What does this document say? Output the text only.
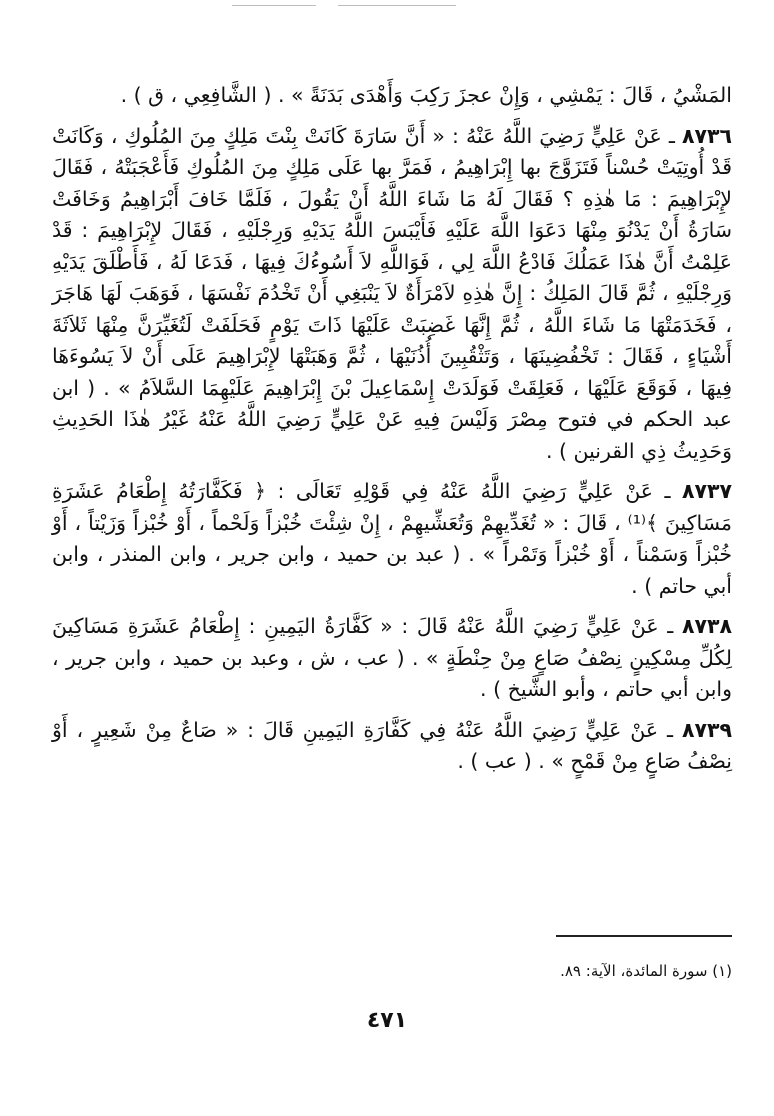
المَشْيُ ، قَالَ : يَمْشِي ، وَإِنْ عجزَ رَكِبَ وَأَهْدَى بَدَنَةً » . ( الشَّافِعِي ، ق ) .

٨٧٣٦ ـ عَنْ عَلِيٍّ رَضِيَ اللَّهُ عَنْهُ : « أَنَّ سَارَةَ كَانَتْ بِنْتَ مَلِكٍ مِنَ المُلُوكِ ، وَكَانَتْ قَدْ أُوتِيَتْ حُسْناً فَتَزَوَّجَ بها إِبْرَاهِيمُ ، فَمَرَّ بها عَلَى مَلِكٍ مِنَ المُلُوكِ فَأَعْجَبَتْهُ ، فَقَالَ لإِبْرَاهِيمَ : مَا هٰذِهِ ؟ فَقَالَ لَهُ مَا شَاءَ اللَّهُ أَنْ يَقُولَ ، فَلَمَّا خَافَ أَبْرَاهِيمُ وَخَافَتْ سَارَةُ أَنْ يَدْنُوَ مِنْهَا دَعَوَا اللَّهَ عَلَيْهِ فَأَيْبَسَ اللَّهُ يَدَيْهِ وَرِجْلَيْهِ ، فَقَالَ لإِبْرَاهِيمَ : قَدْ عَلِمْتُ أَنَّ هٰذَا عَمَلُكَ فَادْعُ اللَّهَ لِي ، فَوَاللَّهِ لاَ أَسُوءُكَ فِيهَا ، فَدَعَا لَهُ ، فَأَطْلَقَ يَدَيْهِ وَرِجْلَيْهِ ، ثُمَّ قَالَ المَلِكُ : إِنَّ هٰذِهِ لاَمْرَأَةٌ لاَ يَنْبَغِي أَنْ تَخْدُمَ نَفْسَهَا ، فَوَهَبَ لَهَا هَاجَرَ ، فَخَدَمَتْهَا مَا شَاءَ اللَّهُ ، ثُمَّ إِنَّهَا غَضِبَتْ عَلَيْهَا ذَاتَ يَوْمٍ فَحَلَفَتْ لَتُغَيِّرَنَّ مِنْهَا ثَلاَثَةَ أَشْيَاءٍ ، فَقَالَ : تَخْفُضِينَهَا ، وَتَثْقُبِينَ أُذُنَيْهَا ، ثُمَّ وَهَبَتْهَا لإِبْرَاهِيمَ عَلَى أَنْ لاَ يَسُوءَهَا فِيهَا ، فَوَقَعَ عَلَيْهَا ، فَعَلِقَتْ فَوَلَدَتْ إِسْمَاعِيلَ بْنَ إِبْرَاهِيمَ عَلَيْهِمَا السَّلاَمُ » . ( ابن عبد الحكم في فتوح مِصْرَ وَلَيْسَ فِيهِ عَنْ عَلِيٍّ رَضِيَ اللَّهُ عَنْهُ غَيْرُ هٰذَا الحَدِيثِ وَحَدِيثُ ذِي القرنين ) .

٨٧٣٧ ـ عَنْ عَلِيٍّ رَضِيَ اللَّهُ عَنْهُ فِي قَوْلِهِ تَعَالَى : ﴿ فَكَفَّارَتُهُ إِطْعَامُ عَشَرَةِ مَسَاكِينَ ﴾⁽¹⁾ ، قَالَ : « تُغَدِّيهِمْ وَتُعَشِّيهِمْ ، إِنْ شِئْتَ خُبْزاً وَلَحْماً ، أَوْ خُبْزاً وَزَيْتاً ، أَوْ خُبْزاً وَسَمْناً ، أَوْ خُبْزاً وَتَمْراً » . ( عبد بن حميد ، وابن جرير ، وابن المنذر ، وابن أبي حاتم ) .

٨٧٣٨ ـ عَنْ عَلِيٍّ رَضِيَ اللَّهُ عَنْهُ قَالَ : « كَفَّارَةُ اليَمِينِ : إِطْعَامُ عَشَرَةِ مَسَاكِينَ لِكُلِّ مِسْكِينٍ نِصْفُ صَاعٍ مِنْ حِنْطَةٍ » . ( عب ، ش ، وعبد بن حميد ، وابن جرير ، وابن أبي حاتم ، وأبو الشَّيخ ) .

٨٧٣٩ ـ عَنْ عَلِيٍّ رَضِيَ اللَّهُ عَنْهُ فِي كَفَّارَةِ اليَمِينِ قَالَ : « صَاعٌ مِنْ شَعِيرٍ ، أَوْ نِصْفُ صَاعٍ مِنْ قَمْحٍ » . ( عب ) .

(١) سورة المائدة، الآية: ٨٩.
٤٧١
